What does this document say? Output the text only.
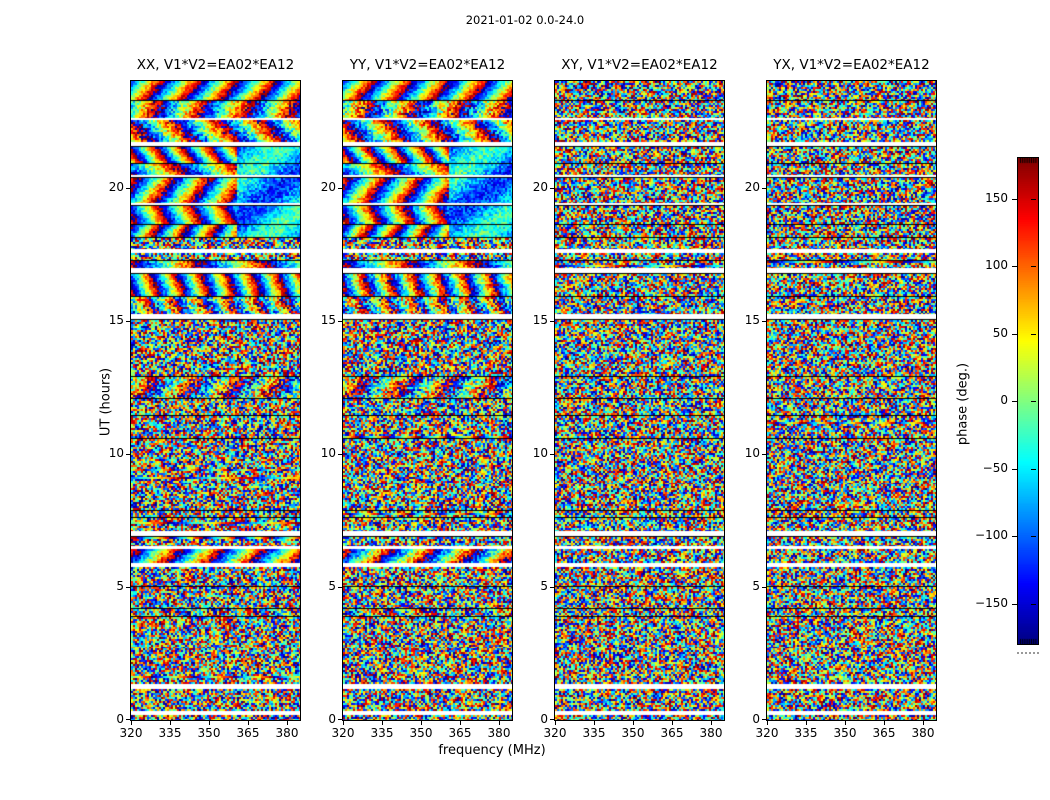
2021-01-02 0.0-24.0
frequency (MHz)
UT (hours)	phase (deg.)
XX, V1*V2=EA02*EA12
0
5
10
15
20
320 335 350 365 380
YY, V1*V2=EA02*EA12
0
5
10
15
20
320 335 350 365 380
XY, V1*V2=EA02*EA12
0
5
10
15
20
320 335 350 365 380
YX, V1*V2=EA02*EA12
0
5
10
15
20
320 335 350 365 380
150
100
50
0
−50
−100
−150
